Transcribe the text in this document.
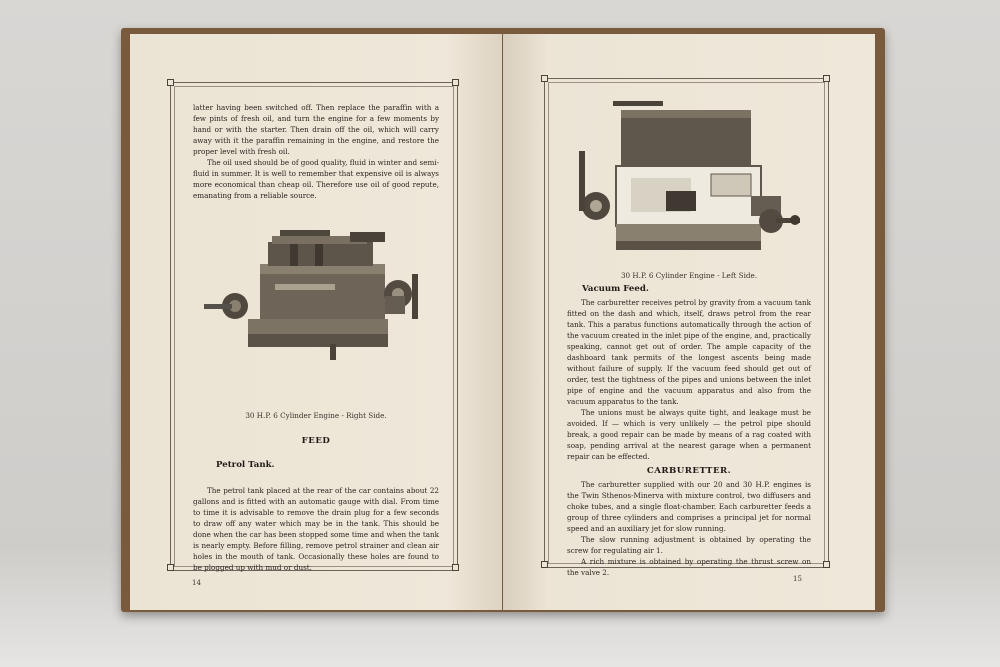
latter having been switched off. Then replace the paraffin with a few pints of fresh oil, and turn the engine for a few moments by hand or with the starter. Then drain off the oil, which will carry away with it the paraffin remaining in the engine, and restore the proper level with fresh oil.

The oil used should be of good quality, fluid in winter and semi-fluid in summer. It is well to remember that expensive oil is always more economical than cheap oil. Therefore use oil of good repute, emanating from a reliable source.

30 H.P. 6 Cylinder Engine - Right Side.
FEED
Petrol Tank.

The petrol tank placed at the rear of the car contains about 22 gallons and is fitted with an automatic gauge with dial. From time to time it is advisable to remove the drain plug for a few seconds to draw off any water which may be in the tank. This should be done when the car has been stopped some time and when the tank is nearly empty. Before filling, remove petrol strainer and clean air holes in the mouth of tank. Occasionally these holes are found to be plogged up with mud or dust.

14
30 H.P. 6 Cylinder Engine - Left Side.
Vacuum Feed.

The carburetter receives petrol by gravity from a vacuum tank fitted on the dash and which, itself, draws petrol from the rear tank. This a paratus functions automatically through the action of the vacuum created in the inlet pipe of the engine, and, practically speaking, cannot get out of order. The ample capacity of the dashboard tank permits of the longest ascents being made without failure of supply. If the vacuum feed should get out of order, test the tightness of the pipes and unions between the inlet pipe of engine and the vacuum apparatus and also from the vacuum apparatus to the tank.

The unions must be always quite tight, and leakage must be avoided. If — which is very unlikely — the petrol pipe should break, a good repair can be made by means of a rag coated with soap, pending arrival at the nearest garage when a permanent repair can be effected.

CARBURETTER.

The carburetter supplied with our 20 and 30 H.P. engines is the Twin Sthenos-Minerva with mixture control, two diffusers and choke tubes, and a single float-chamber. Each carburetter feeds a group of three cylinders and comprises a principal jet for normal speed and an auxiliary jet for slow running.

The slow running adjustment is obtained by operating the screw for regulating air 1.

A rich mixture is obtained by operating the thrust screw on the valve 2.

15
